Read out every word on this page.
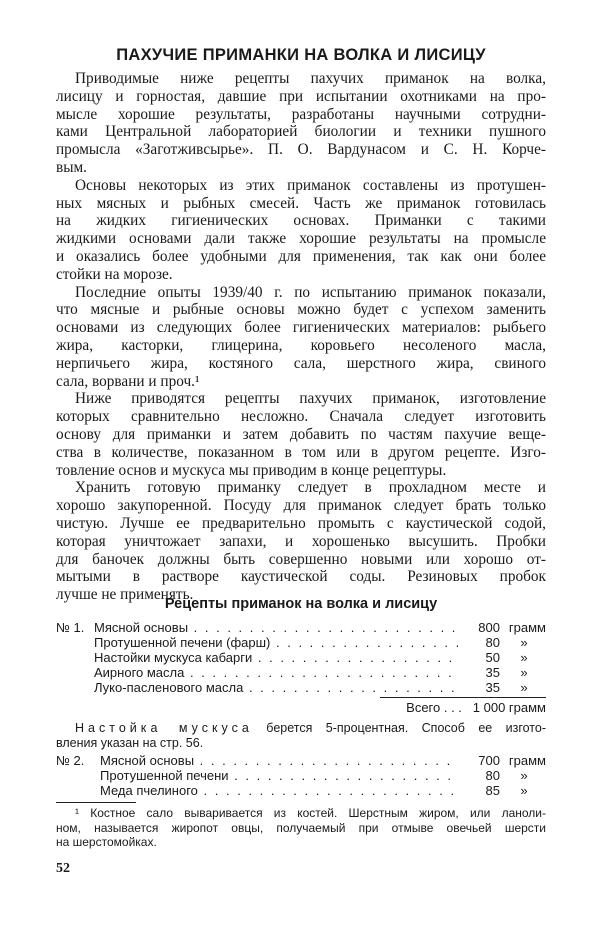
ПАХУЧИЕ ПРИМАНКИ НА ВОЛКА И ЛИСИЦУ
Приводимые ниже рецепты пахучих приманок на волка,
лисицу и горностая, давшие при испытании охотниками на про-
мысле хорошие результаты, разработаны научными сотрудни-
ками Центральной лабораторией биологии и техники пушного
промысла «Заготживсырье». П. О. Вардунасом и С. Н. Корче-
вым.
Основы некоторых из этих приманок составлены из протушен-
ных мясных и рыбных смесей. Часть же приманок готовилась
на жидких гигиенических основах. Приманки с такими
жидкими основами дали также хорошие результаты на промысле
и оказались более удобными для применения, так как они более
стойки на морозе.
Последние опыты 1939/40 г. по испытанию приманок показали,
что мясные и рыбные основы можно будет с успехом заменить
основами из следующих более гигиенических материалов: рыбьего
жира, касторки, глицерина, коровьего несоленого масла,
нерпичьего жира, костяного сала, шерстного жира, свиного
сала, ворвани и проч.¹
Ниже приводятся рецепты пахучих приманок, изготовление
которых сравнительно несложно. Сначала следует изготовить
основу для приманки и затем добавить по частям пахучие веще-
ства в количестве, показанном в том или в другом рецепте. Изго-
товление основ и мускуса мы приводим в конце рецептуры.
Хранить готовую приманку следует в прохладном месте и
хорошо закупоренной. Посуду для приманок следует брать только
чистую. Лучше ее предварительно промыть с каустической содой,
которая уничтожает запахи, и хорошенько высушить. Пробки
для баночек должны быть совершенно новыми или хорошо от-
мытыми в растворе каустической соды. Резиновых пробок
лучше не применять.
Рецепты приманок на волка и лисицу
№ 1. Мясной основы . . .	800 грамм
Протушенной печени (фарш) . . .	80	»
Настойки мускуса кабарги . . .	50	»
Аирного масла . . .	35	»
Луко-пасленового масла . . .	35	»
Всего . . . 1 000 грамм
Настойка мускуса берется 5-процентная. Способ ее изгото-
вления указан на стр. 56.
№ 2. Мясной основы . . .	700 грамм
Протушенной печени . . .	80	»
Меда пчелиного . . .	85	»
¹ Костное сало вываривается из костей. Шерстным жиром, или ланоли-
ном, называется жиропот овцы, получаемый при отмыве овечьей шерсти
на шерстомойках.
52
